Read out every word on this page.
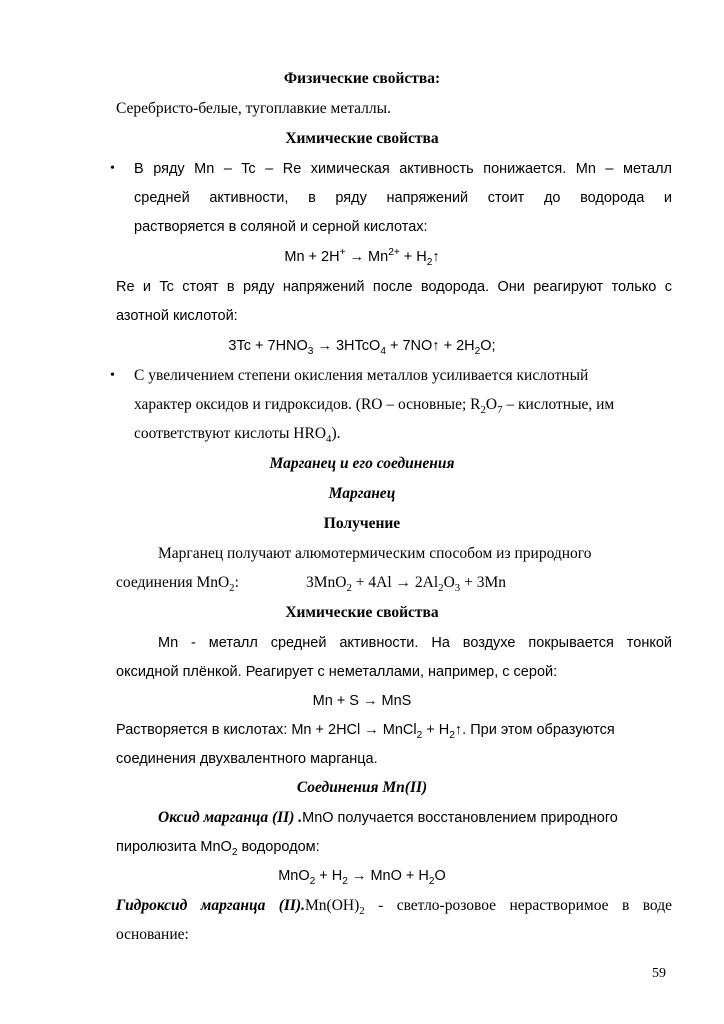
Физические свойства:
Серебристо-белые, тугоплавкие металлы.
Химические свойства
• В ряду Mn – Tc – Re химическая активность понижается. Mn – металл
средней активности, в ряду напряжений стоит до водорода и
растворяется в соляной и серной кислотах:
$Mn + 2H^+ \to Mn^{2+}$ + $H_2↑$
Re и Tc стоят в ряду напряжений после водорода. Они реагируют только с
азотной кислотой:
$3Tc + 7HNO_3$ → 3HTcO$_4$ + 7NO↑ + $2H_2O$;
• С увеличением степени окисления металлов усиливается кислотный
характер оксидов и гидроксидов. (RO – основные; $R_2O_7$ – кислотные, им
соответствуют кислоты $HRO_4$).
Марганец и его соединения
Марганец
Получение
Марганец получают алюмотермическим способом из природного
соединения MnO$_2$:	$3MnO_2 + 4Al \to 2Al_2O_3 + 3Mn$
Химические свойства
Mn - металл средней активности. На воздухе покрывается тонкой
оксидной плёнкой. Реагирует с неметаллами, например, с серой:
Mn + S → MnS
Растворяется в кислотах: Mn + 2HCl → MnCl$_2$ + $H_2↑$. При этом образуются
соединения двухвалентного марганца.
Соединения Mn(II)
Оксид марганца (II) .MnO получается восстановлением природного
пиролюзита MnO$_2$ водородом:
$MnO_2 + H_2$ → MnO + $H_2O$
Гидроксид марганца $(II).Mn(OH)_2$ - светло-розовое нерастворимое в воде
основание:
59
